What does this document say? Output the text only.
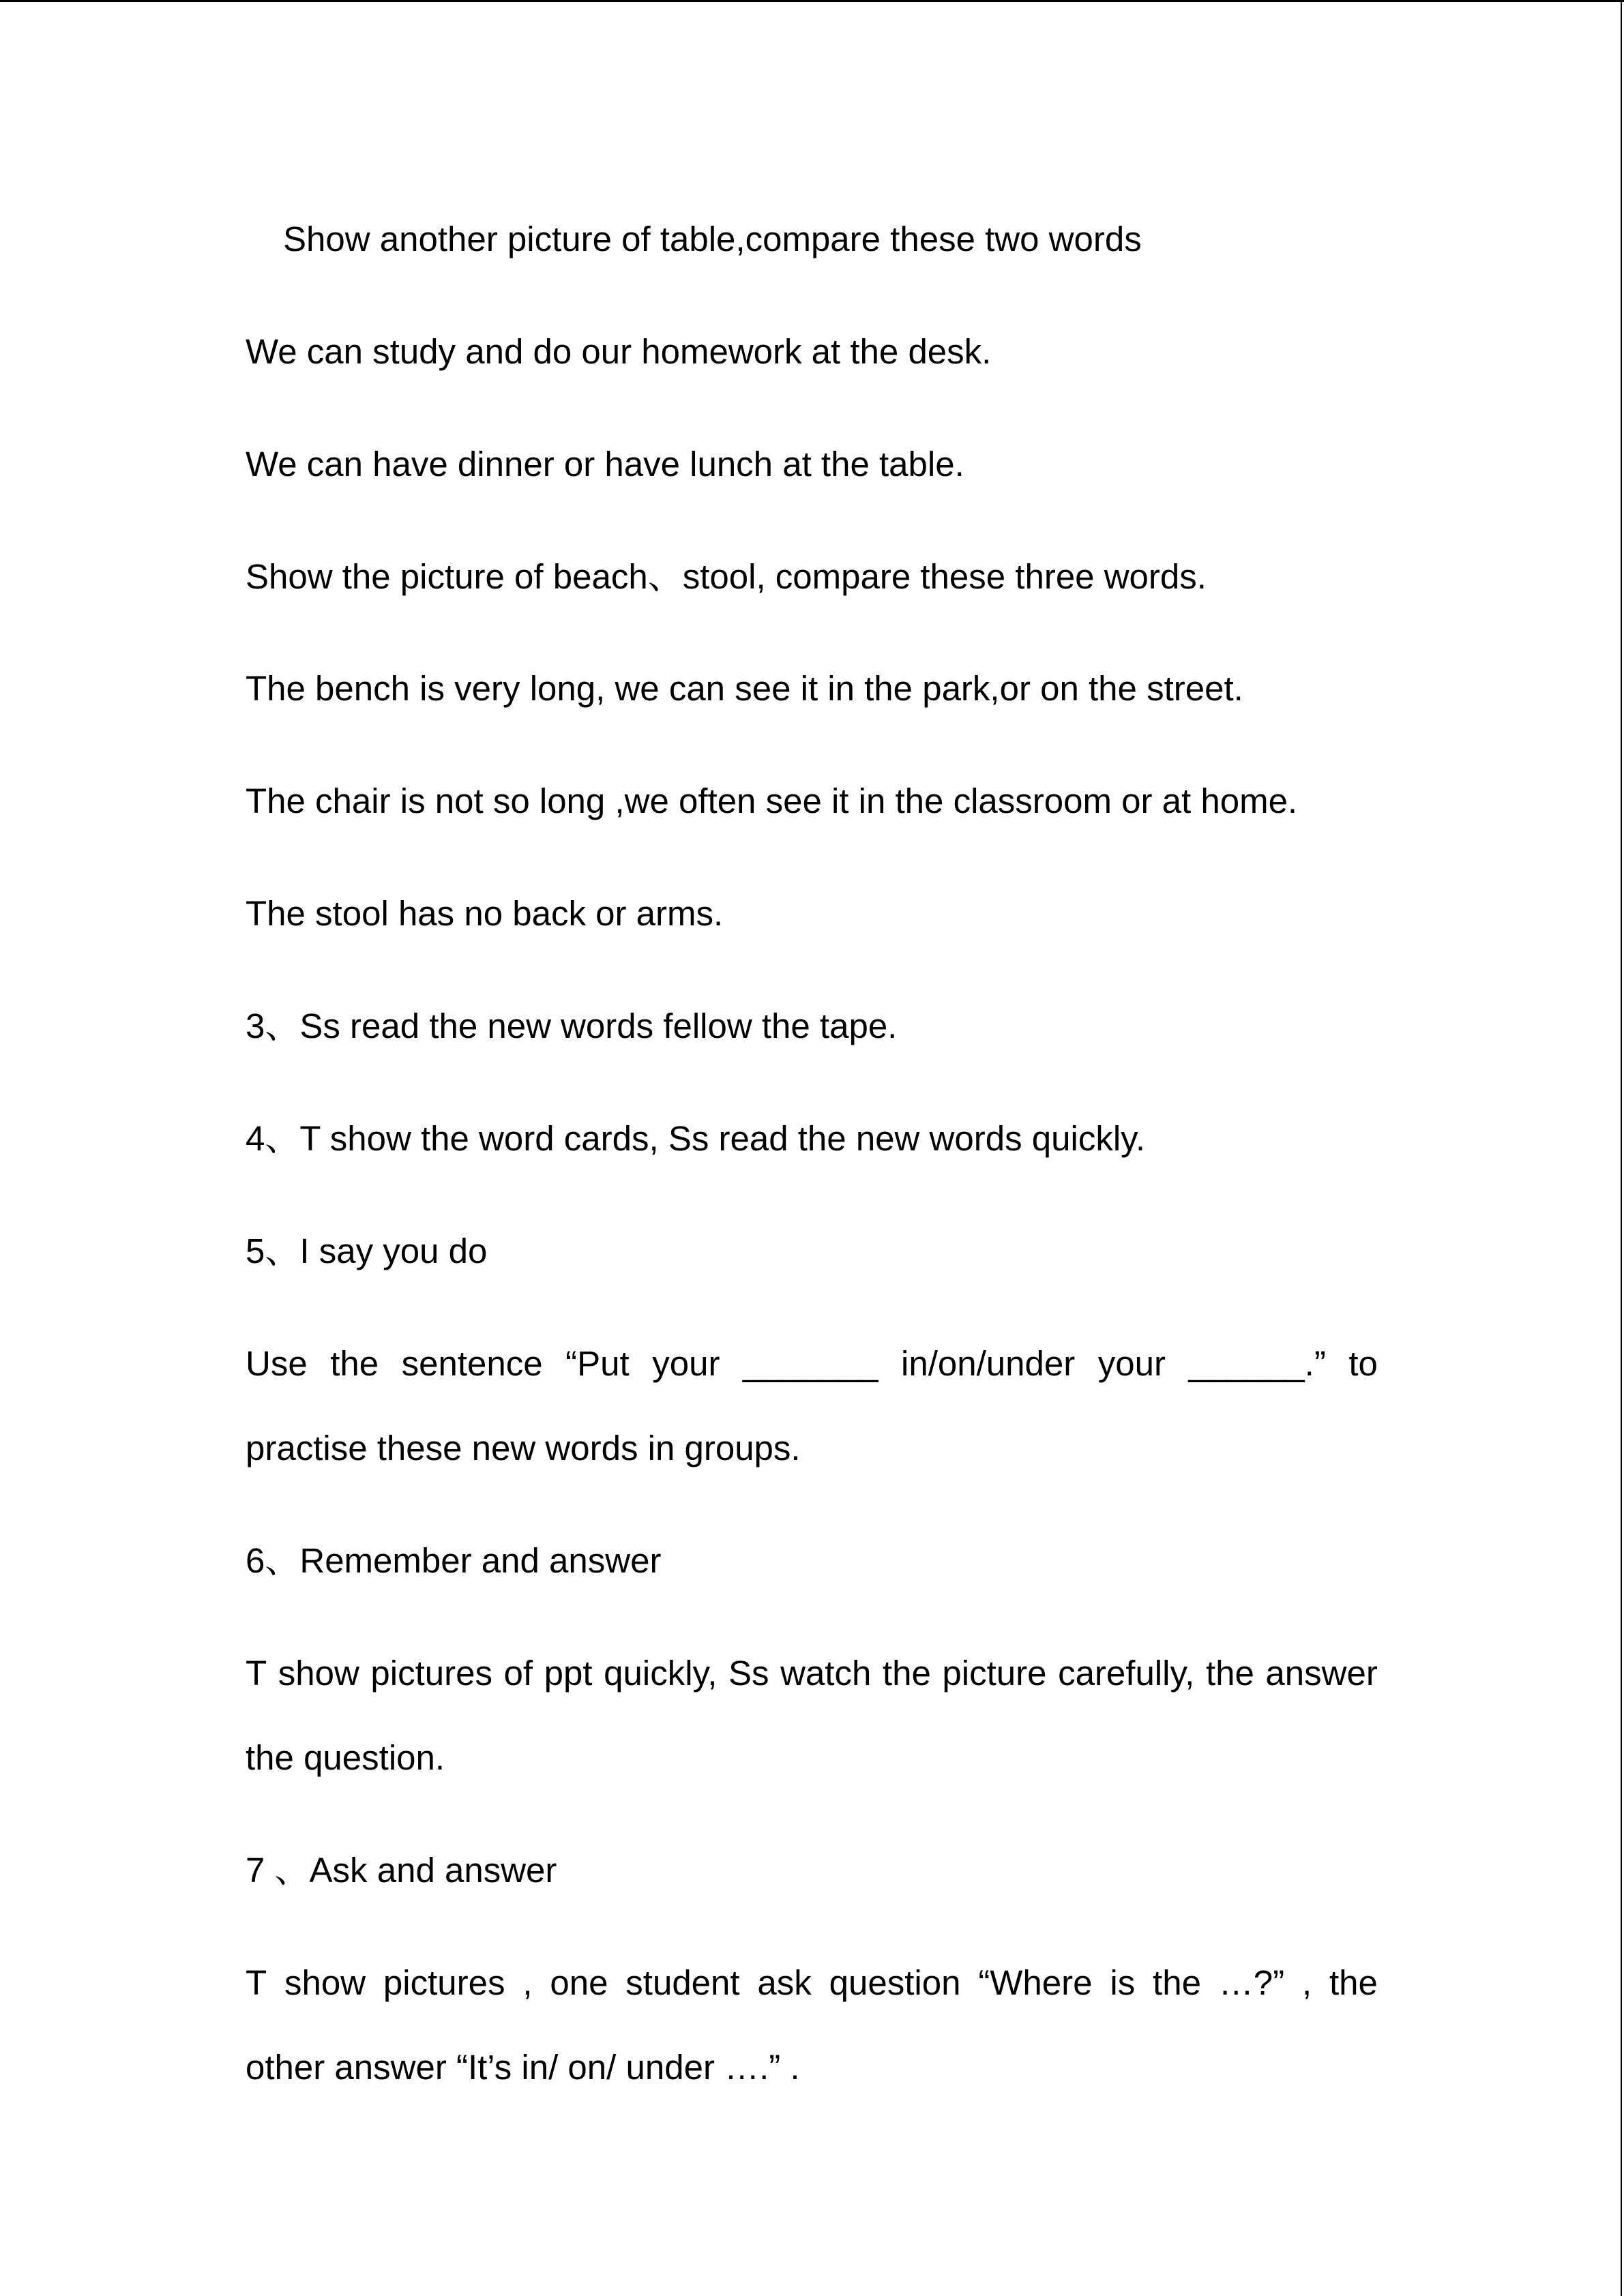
Show another picture of table,compare these two words
We can study and do our homework at the desk.
We can have dinner or have lunch at the table.
Show the picture of beach、stool, compare these three words.
The bench is very long, we can see it in the park,or on the street.
The chair is not so long ,we often see it in the classroom or at home.
The stool has no back or arms.
3、Ss read the new words fellow the tape.
4、T show the word cards, Ss read the new words quickly.
5、I say you do
Use the sentence “Put your _______ in/on/under your ______.” to
practise these new words in groups.
6、Remember and answer
T show pictures of ppt quickly, Ss watch the picture carefully, the answer
the question.
7 、Ask and answer
T show pictures , one student ask question “Where is the …?” , the
other answer “It’s in/ on/ under ….” .
